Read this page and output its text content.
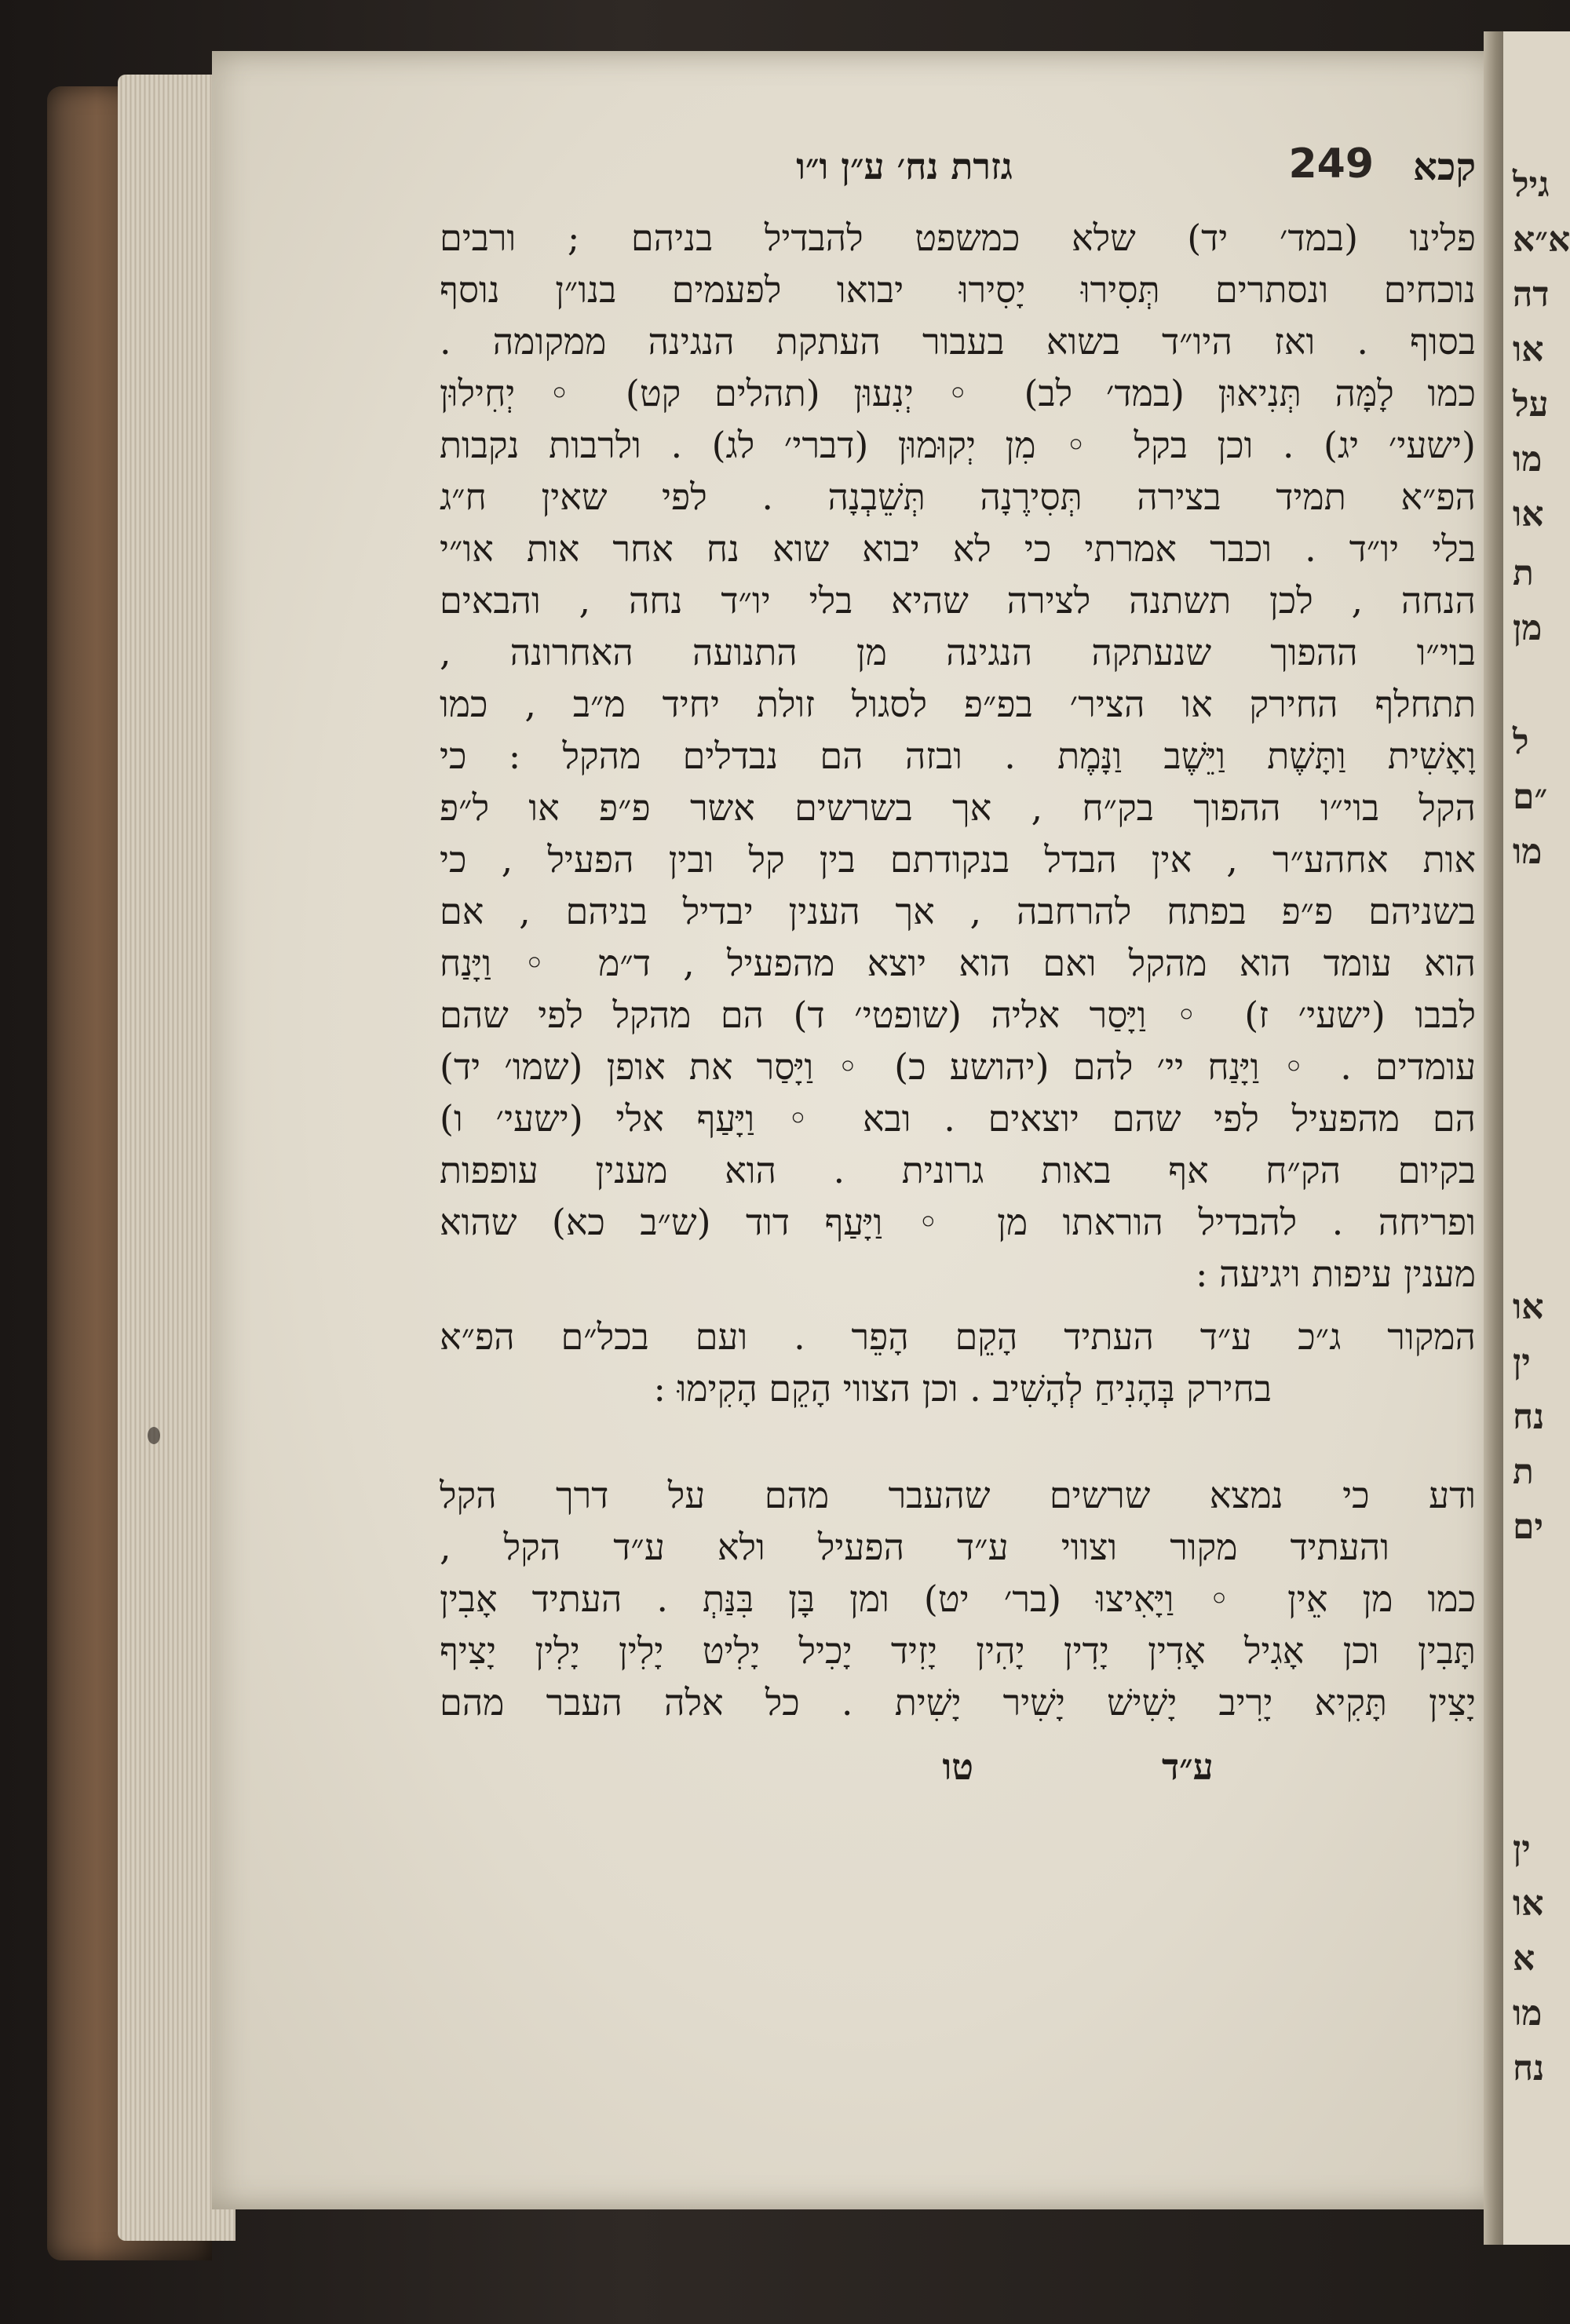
גיל
א״א
דה
או
על
מו
או
ת
מן
ל
״ם
מו
או
ין
נח
ת
ים
ין
או
א
מו
נח
קכא
249
גזרת נח׳ ע״ן ו״ו
פלינו (במד׳ יד) שלא כמשפט להבדיל בניהם ; ורבים
נוכחים ונסתרים תְּסִירוּ יָסִירוּ יבואו לפעמים בנו״ן נוסף
בסוף . ואז היו״ד בשוא בעבור העתקת הנגינה ממקומה .
כמו לָמָּה תְּנִיאוּן (במד׳ לב) ◦ יְנִעוּן (תהלים קט) ◦ יְחִילוּן
(ישעי׳ יג) . וכן בקל ◦ מִן יְקוּמוּן (דברי׳ לג) . ולרבות נקבות
הפ״א תמיד בצירה תְּסִירֶנָה תְּשֵׁבְנָה . לפי שאין ח״ג
בלי יו״ד . וכבר אמרתי כי לא יבוא שוא נח אחר אות או״י
הנחה , לכן תשתנה לצירה שהיא בלי יו״ד נחה , והבאים
בוי״ו ההפוך שנעתקה הנגינה מן התנועה האחרונה ,
תתחלף החירק או הציר׳ בפ״פ לסגול זולת יחיד מ״ב , כמו
וָאָשִׁית וַתָּשֶׁת וַיֵּשֶׁב וַנָּמֶת . ובזה הם נבדלים מהקל : כי
הקל בוי״ו ההפוך בק״ח , אך בשרשים אשר פ״פ או ל״פ
אות אחהע״ר , אין הבדל בנקודתם בין קל ובין הפעיל , כי
בשניהם פ״פ בפתח להרחבה , אך הענין יבדיל בניהם , אם
הוא עומד הוא מהקל ואם הוא יוצא מהפעיל , ד״מ ◦ וַיָּנַח
לבבו (ישעי׳ ז) ◦ וַיָּסַר אליה (שופטי׳ ד) הם מהקל לפי שהם
עומדים . ◦ וַיָּנַח יי׳ להם (יהושע כ) ◦ וַיָּסַר את אופן (שמו׳ יד)
הם מהפעיל לפי שהם יוצאים . ובא ◦ וַיָּעַף אלי (ישעי׳ ו)
בקיום הק״ח אף באות גרונית . הוא מענין עופפות
ופריחה . להבדיל הוראתו מן ◦ וַיָּעַף דוד (ש״ב כא) שהוא
מענין עיפות ויגיעה :
המקור ג״כ ע״ד העתיד הָקֵם הָפֵר . ועם בכל״ם הפ״א
בחירק בְּהָנִיחַ לְהָשִׁיב . וכן הצווי הָקֵם הָקִימוּ :
ודע כי נמצא שרשים שהעבר מהם על דרך הקל
והעתיד מקור וצווי ע״ד הפעיל ולא ע״ד הקל ,
כמו מן אֵין ◦ וַיָּאִיצוּ (בר׳ יט) ומן בָּן בִּנַּתְ . העתיד אָבִין
תָּבִין וכן אָגִיל אָדִין יָדִין יָהִין יָזִיד יָכִיל יָלִיט יָלִין יָלִין יָצִיף
יָצִין תָּקִיא יָרִיב יָשִׁישׁ יָשִׁיר יָשִׁית . כל אלה העבר מהם
טו	ע״ד
